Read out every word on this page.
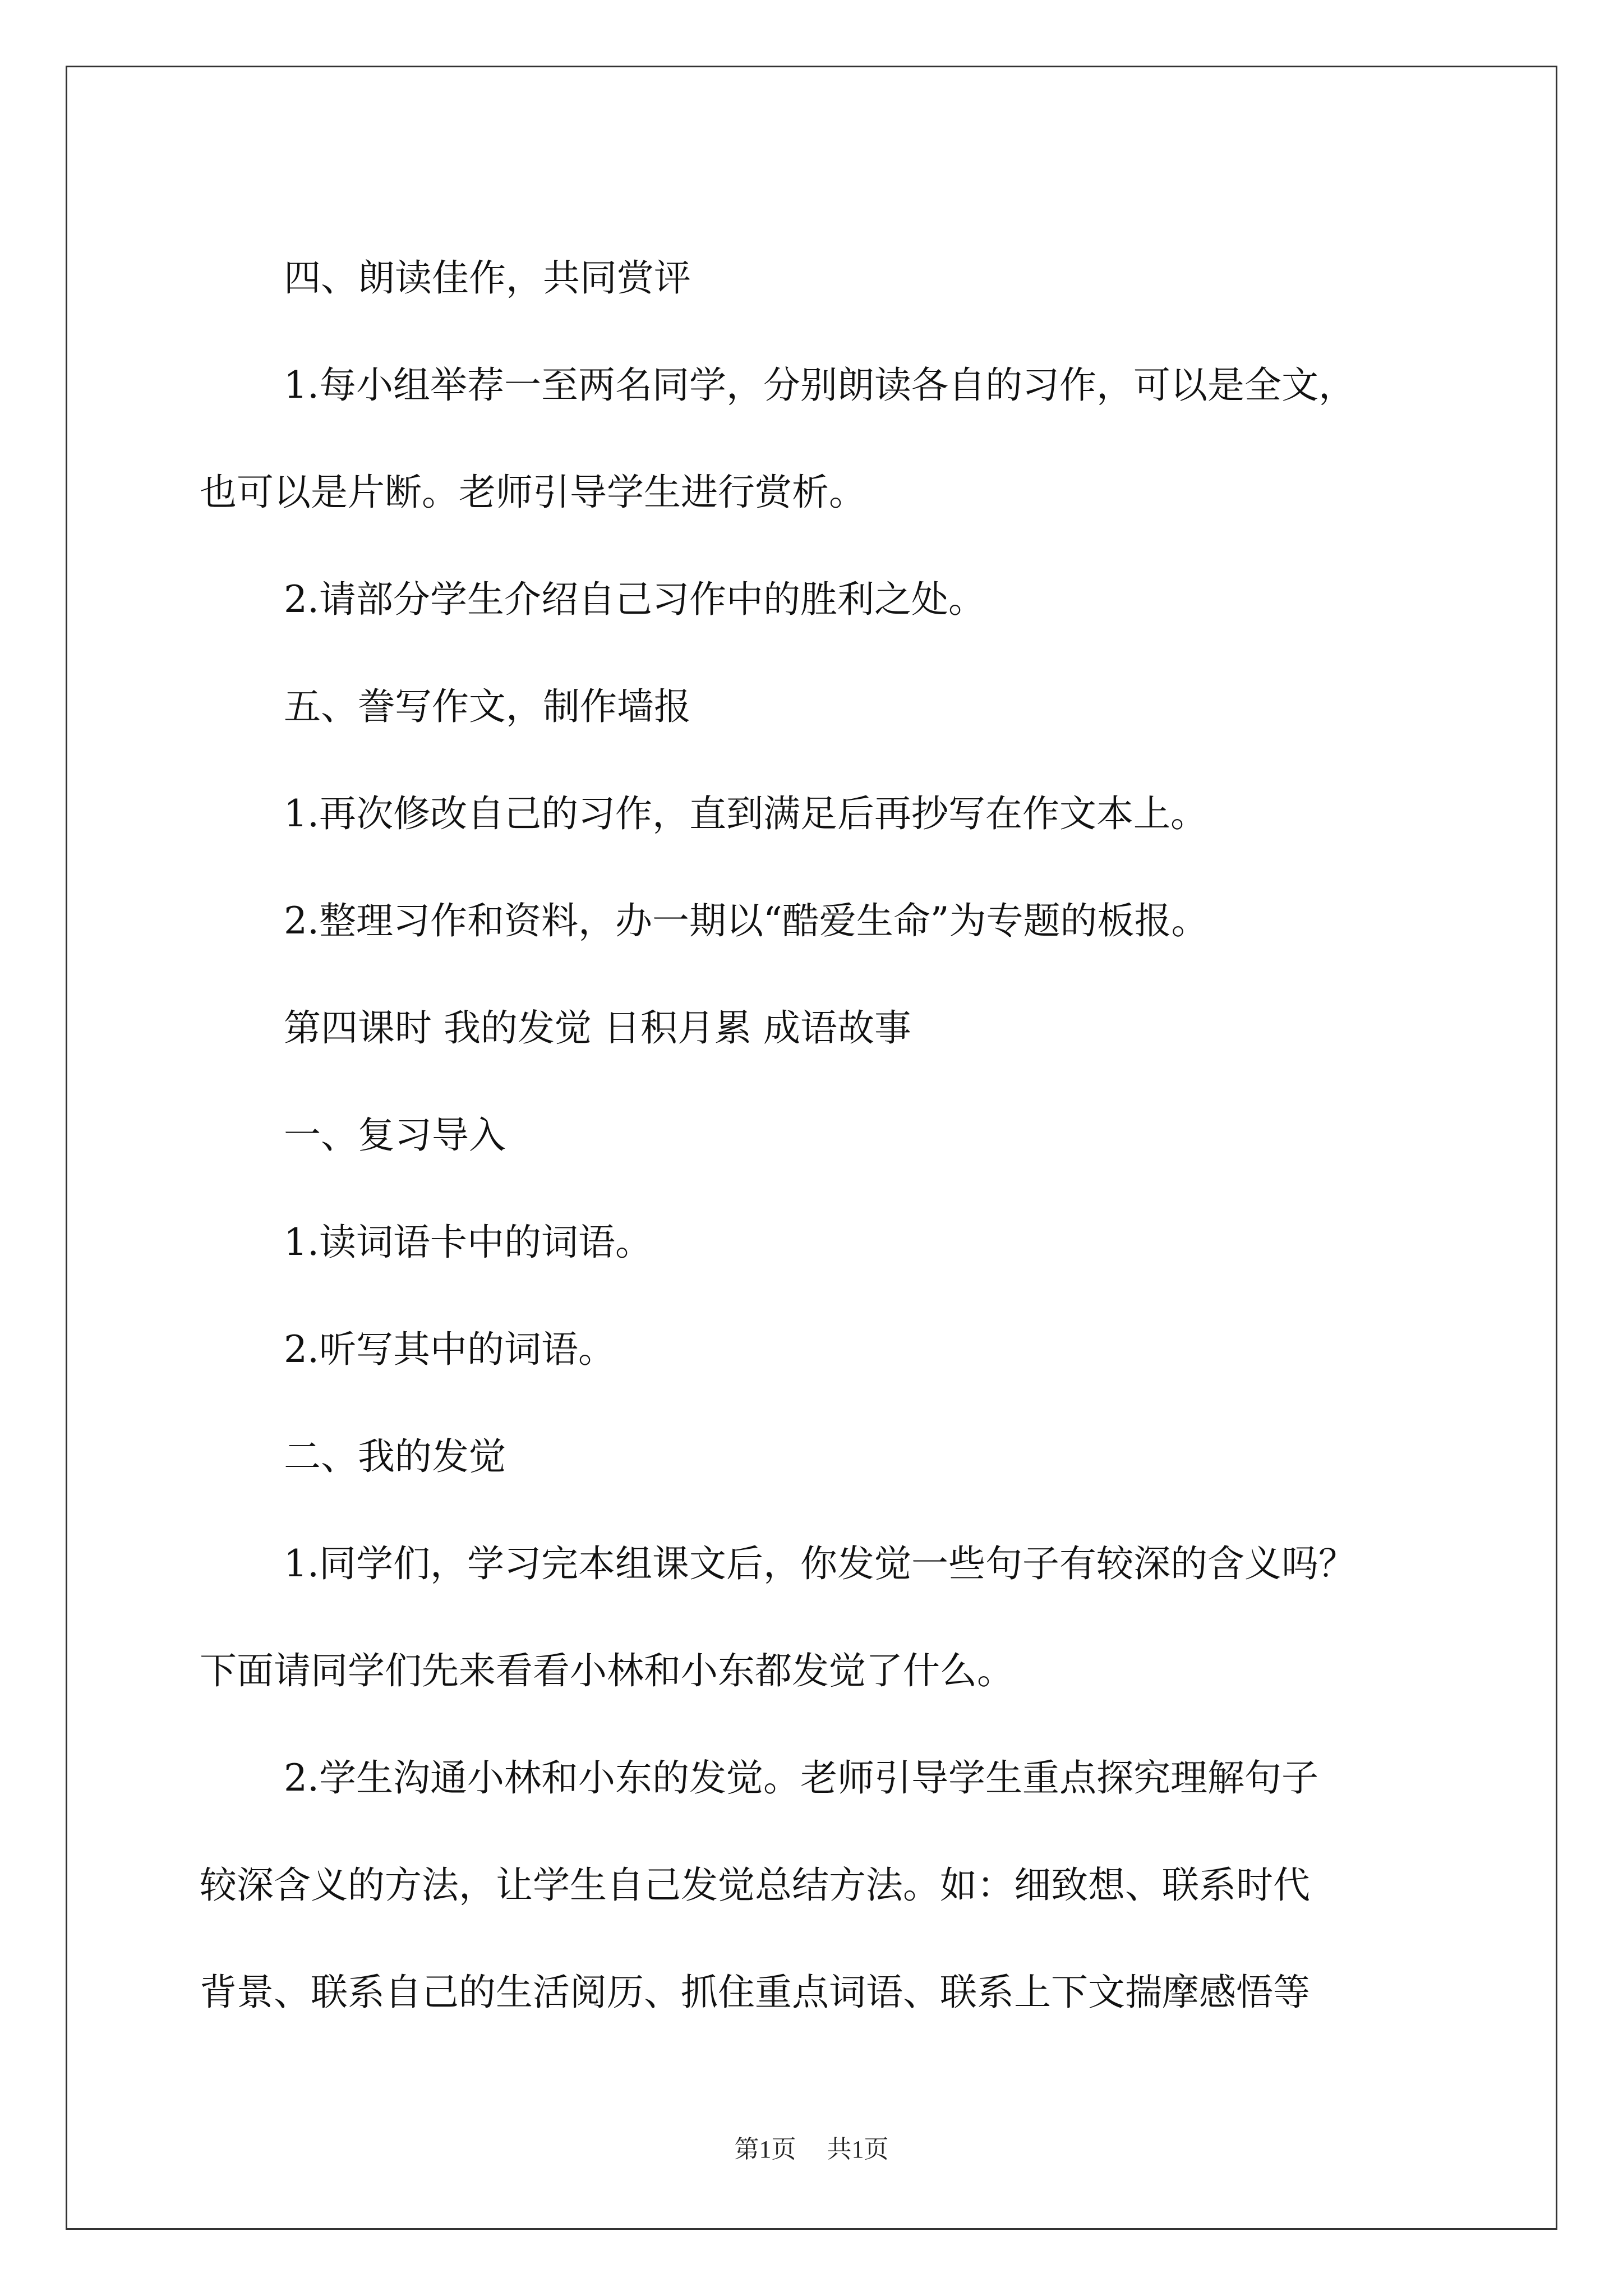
四、朗读佳作，共同赏评

1.每小组举荐一至两名同学，分别朗读各自的习作，可以是全文，
也可以是片断。老师引导学生进行赏析。

2.请部分学生介绍自己习作中的胜利之处。

五、誊写作文，制作墙报

1.再次修改自己的习作，直到满足后再抄写在作文本上。

2.整理习作和资料，办一期以“酷爱生命”为专题的板报。

第四课时 我的发觉 日积月累 成语故事

一、复习导入

1.读词语卡中的词语。

2.听写其中的词语。

二、我的发觉

1.同学们，学习完本组课文后，你发觉一些句子有较深的含义吗？
下面请同学们先来看看小林和小东都发觉了什么。

2.学生沟通小林和小东的发觉。老师引导学生重点探究理解句子
较深含义的方法，让学生自己发觉总结方法。如：细致想、联系时代
背景、联系自己的生活阅历、抓住重点词语、联系上下文揣摩感悟等

第1页 共1页
